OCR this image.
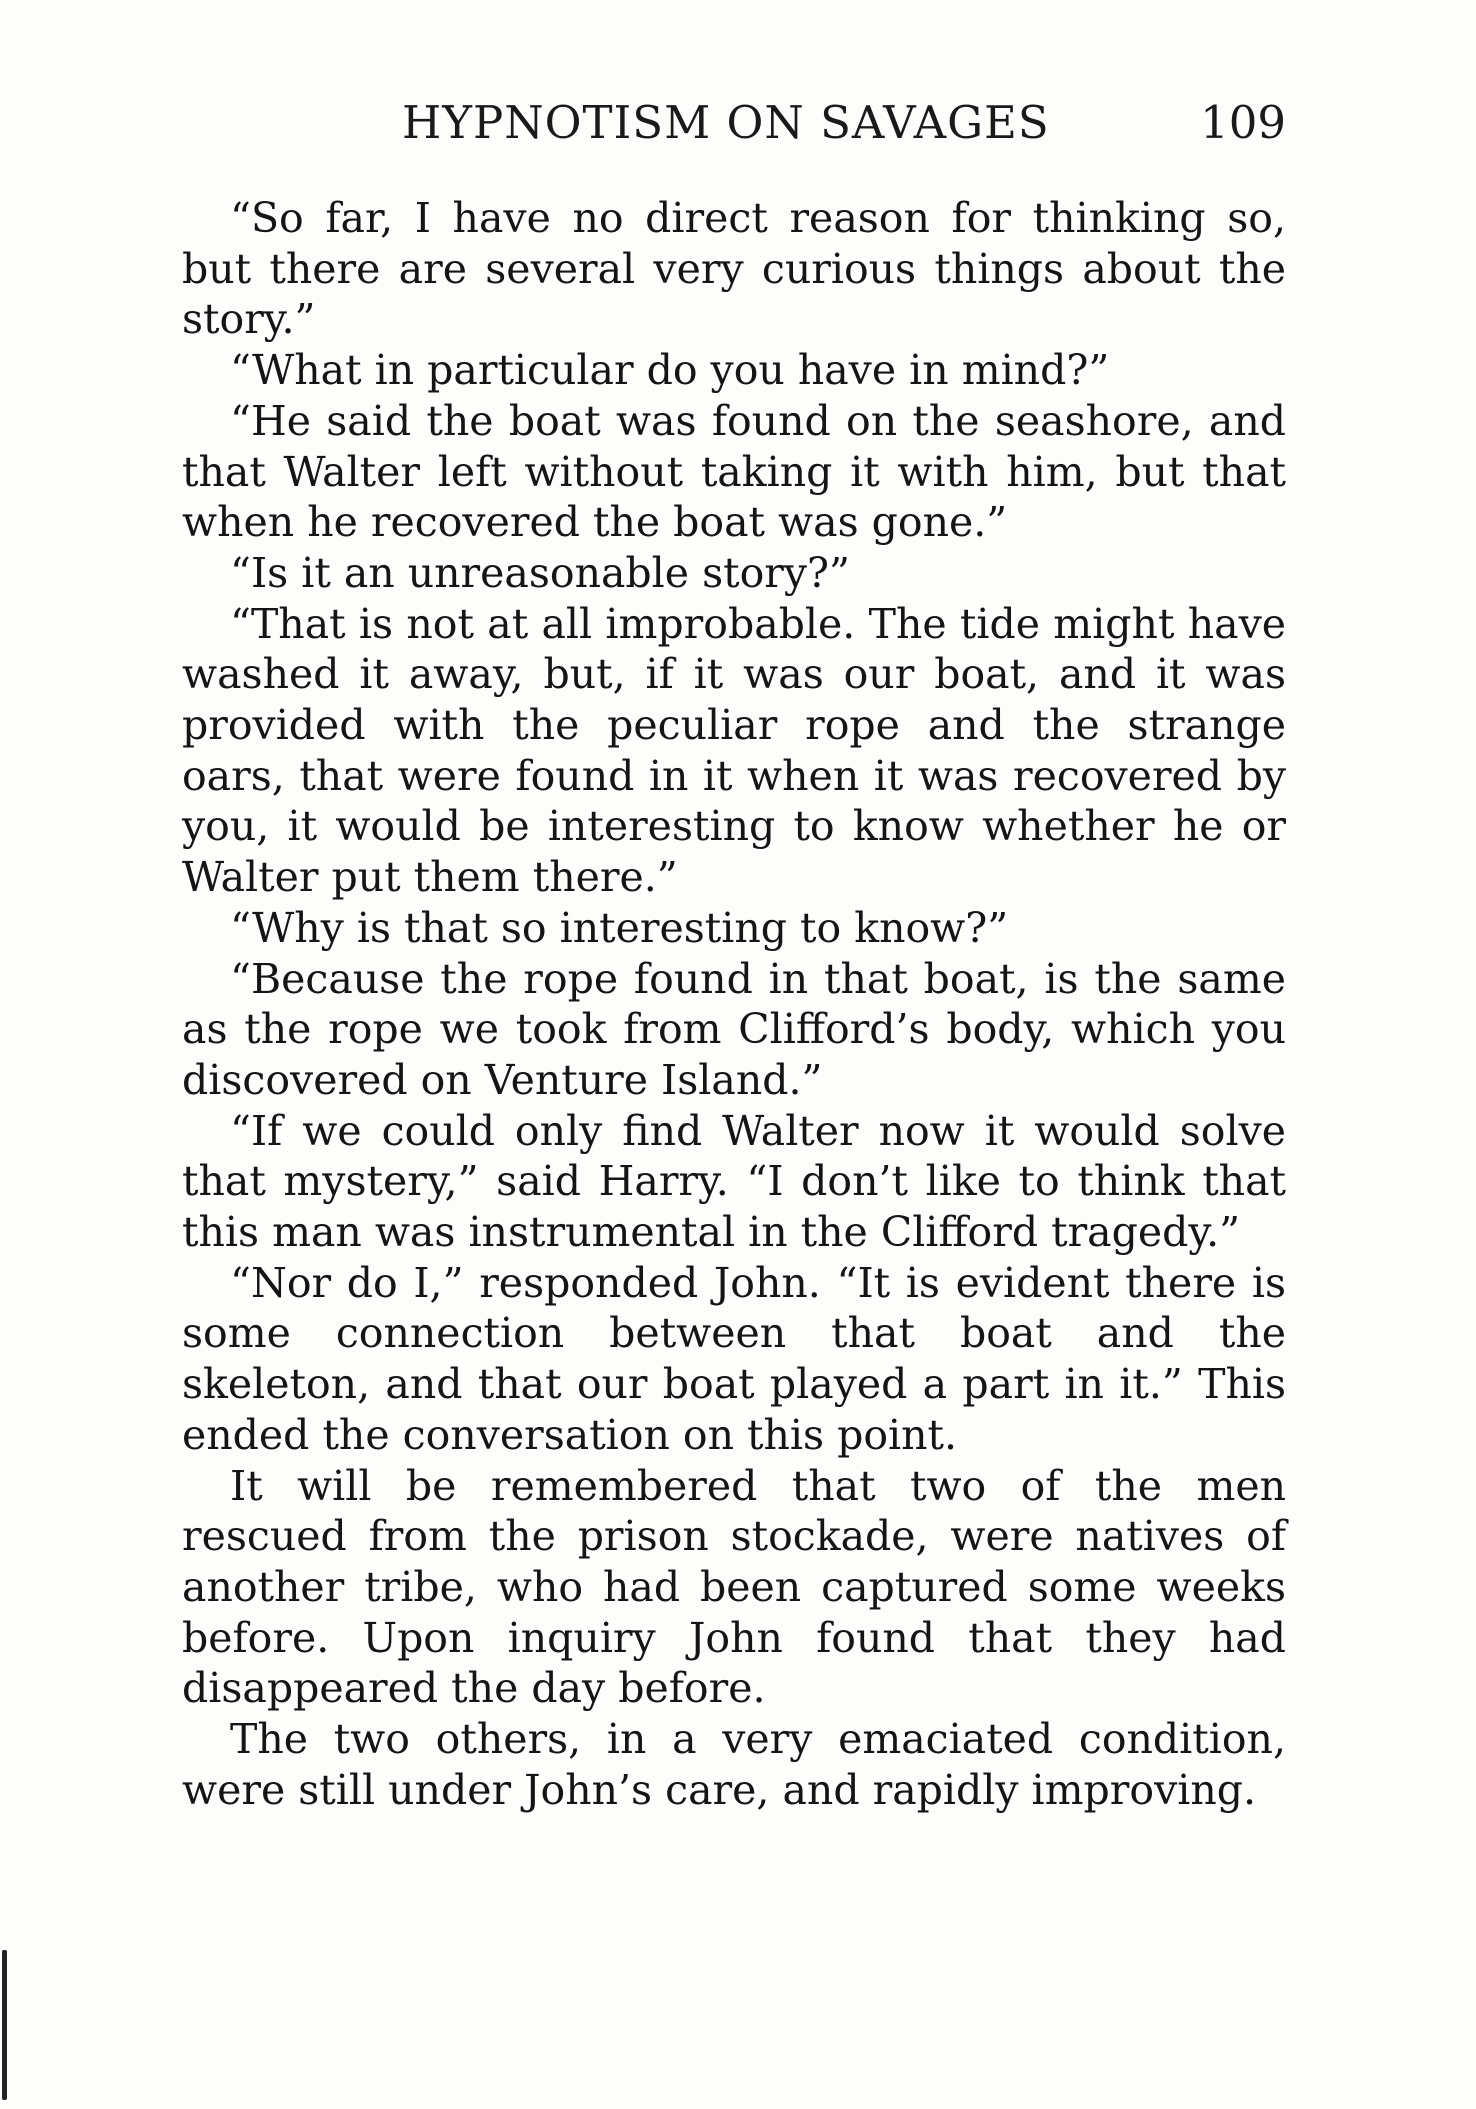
HYPNOTISM ON SAVAGES	109

“So far, I have no direct reason for thinking so, but there are several very curious things about the story.”

“What in particular do you have in mind?”

“He said the boat was found on the seashore, and that Walter left without taking it with him, but that when he recovered the boat was gone.”

“Is it an unreasonable story?”

“That is not at all improbable. The tide might have washed it away, but, if it was our boat, and it was provided with the peculiar rope and the strange oars, that were found in it when it was recovered by you, it would be interesting to know whether he or Walter put them there.”

“Why is that so interesting to know?”

“Because the rope found in that boat, is the same as the rope we took from Clifford’s body, which you discovered on Venture Island.”

“If we could only find Walter now it would solve that mystery,” said Harry. “I don’t like to think that this man was instrumental in the Clifford tragedy.”

“Nor do I,” responded John. “It is evident there is some connection between that boat and the skeleton, and that our boat played a part in it.” This ended the conversation on this point.

It will be remembered that two of the men rescued from the prison stockade, were natives of another tribe, who had been captured some weeks before. Upon inquiry John found that they had disappeared the day before.

The two others, in a very emaciated condition, were still under John’s care, and rapidly improving.
